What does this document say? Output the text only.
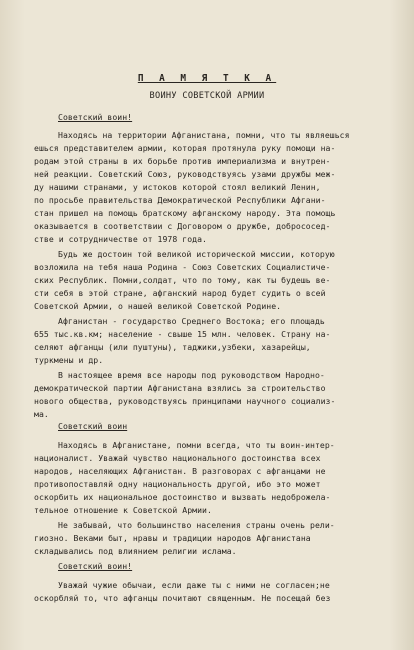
П А М Я Т К А
ВОИНУ СОВЕТСКОЙ АРМИИ
Советский воин!
Находясь на территории Афганистана, помни, что ты являешься
ешься представителем армии, которая протянула руку помощи на-
родам этой страны в их борьбе против империализма и внутрен-
ней реакции. Советский Союз, руководствуясь узами дружбы меж-
ду нашими странами, у истоков которой стоял великий Ленин,
по просьбе правительства Демократической Республики Афгани-
стан пришел на помощь братскому афганскому народу. Эта помощь
оказывается в соответствии с Договором о дружбе, добрососед-
стве и сотрудничестве от 1978 года.
Будь же достоин той великой исторической миссии, которую
возложила на тебя наша Родина - Союз Советских Социалистиче-
ских Республик. Помни,солдат, что по тому, как ты будешь ве-
сти себя в этой стране, афганский народ будет судить о всей
Советской Армии, о нашей великой Советской Родине.
Афганистан - государство Среднего Востока; его площадь
655 тыс.кв.км; население - свыше 15 млн. человек. Страну на-
селяют афганцы (или пуштуны), таджики,узбеки, хазарейцы,
туркмены и др.
В настоящее время все народы под руководством Народно-
демократической партии Афганистана взялись за строительство
нового общества, руководствуясь принципами научного социализ-
ма.
Советский воин
Находясь в Афганистане, помни всегда, что ты воин-интер-
националист. Уважай чувство национального достоинства всех
народов, населяющих Афганистан. В разговорах с афганцами не
противопоставляй одну национальность другой, ибо это может
оскорбить их национальное достоинство и вызвать недоброжела-
тельное отношение к Советской Армии.
Не забывай, что большинство населения страны очень рели-
гиозно. Веками быт, нравы и традиции народов Афганистана
складывались под влиянием религии ислама.
Советский воин!
Уважай чужие обычаи, если даже ты с ними не согласен;не
оскорбляй то, что афганцы почитают священным. Не посещай без
